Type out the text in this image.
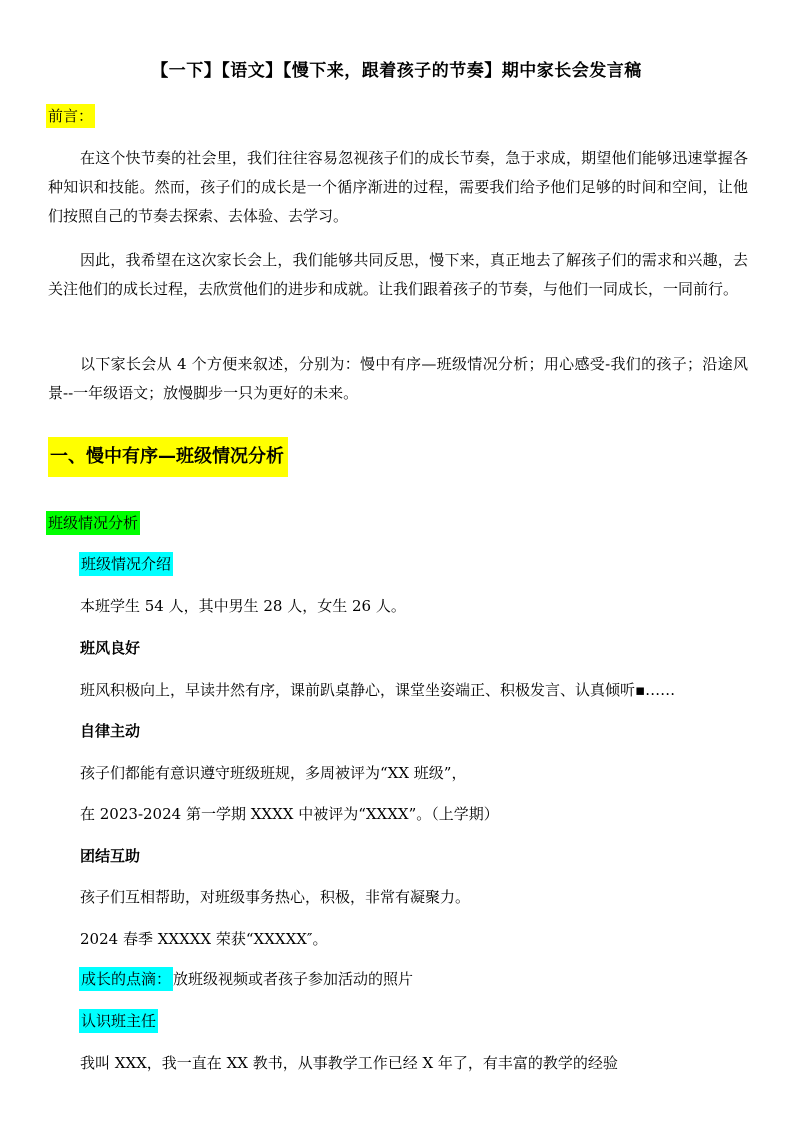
【一下】【语文】【慢下来，跟着孩子的节奏】期中家长会发言稿
前言：
在这个快节奏的社会里，我们往往容易忽视孩子们的成长节奏，急于求成，期望他们能够迅速掌握各种知识和技能。然而，孩子们的成长是一个循序渐进的过程，需要我们给予他们足够的时间和空间，让他们按照自己的节奏去探索、去体验、去学习。
因此，我希望在这次家长会上，我们能够共同反思，慢下来，真正地去了解孩子们的需求和兴趣，去关注他们的成长过程，去欣赏他们的进步和成就。让我们跟着孩子的节奏，与他们一同成长，一同前行。
以下家长会从 4 个方便来叙述，分别为：慢中有序—班级情况分析；用心感受-我们的孩子；沿途风景--一年级语文；放慢脚步一只为更好的未来。
一、慢中有序—班级情况分析
班级情况分析
班级情况介绍
本班学生 54 人，其中男生 28 人，女生 26 人。
班风良好
班风积极向上，早读井然有序，课前趴桌静心，课堂坐姿端正、积极发言、认真倾听▪……
自律主动
孩子们都能有意识遵守班级班规，多周被评为“XX 班级”，
在 2023-2024 第一学期 XXXX 中被评为“XXXX”。（上学期）
团结互助
孩子们互相帮助，对班级事务热心，积极，非常有凝聚力。
2024 春季 XXXXX 荣获“XXXXX″。
成长的点滴： 放班级视频或者孩子参加活动的照片
认识班主任
我叫 XXX，我一直在 XX 教书，从事教学工作已经 X 年了，有丰富的教学的经验
